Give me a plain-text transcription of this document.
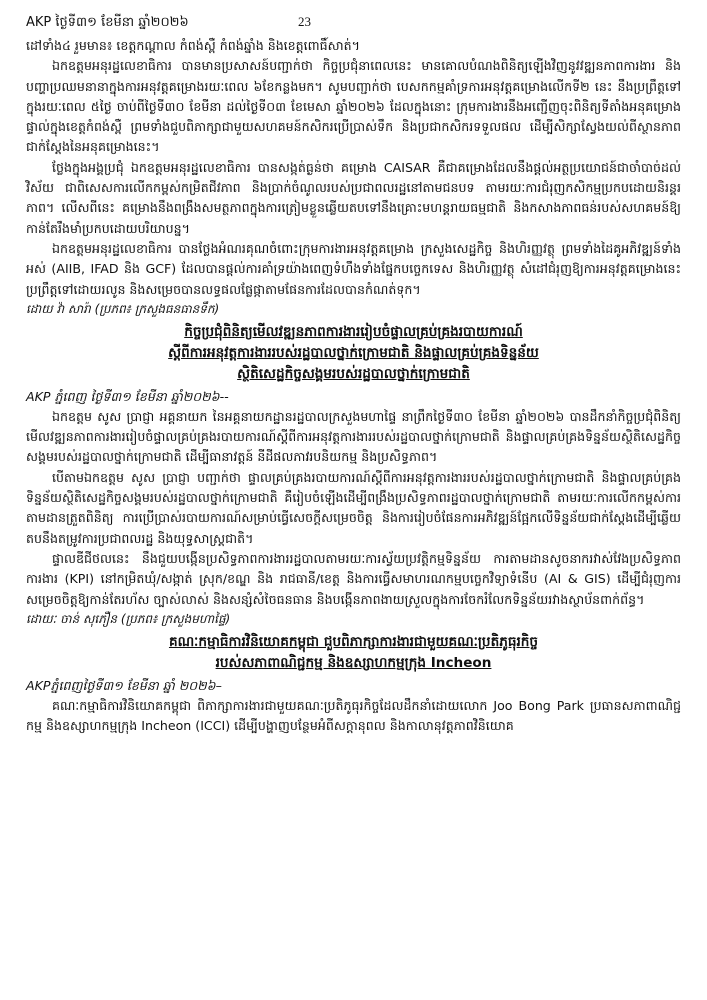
AKP ថ្ងៃទី៣១ ខែមីនា ឆ្នាំ២០២៦	23

ដៅទាំង៤ រួមមាន៖ ខេត្តកណ្តាល កំពង់ស្ពឺ កំពង់ឆ្នាំង និងខេត្តពោធិ៍សាត់។

ឯកឧត្តមអនុរដ្ឋលេខាធិការ បានមានប្រសាសន៍បញ្ជាក់ថា កិច្ចប្រជុំនាពេលនេះ មានគោលបំណងពិនិត្យឡើងវិញនូវវឌ្ឍនភាពការងារ និងបញ្ហាប្រឈមនានាក្នុងការអនុវត្តគម្រោងរយៈពេល ៦ខែកន្លងមក។ សូមបញ្ជាក់ថា បេសកកម្មគាំទ្រការអនុវត្តគម្រោងលើកទី២ នេះ នឹងប្រព្រឹត្តទៅក្នុងរយៈពេល ៥ថ្ងៃ ចាប់ពីថ្ងៃទី៣០ ខែមីនា ដល់ថ្ងៃទី០៣ ខែមេសា ឆ្នាំ២០២៦ ដែលក្នុងនោះ ក្រុមការងារនឹងអញ្ជើញចុះពិនិត្យទីតាំងអនុគម្រោងផ្ទាល់ក្នុងខេត្តកំពង់ស្ពឺ ព្រមទាំងជួបពិភាក្សាជាមួយសហគមន៍កសិករប្រើប្រាស់ទឹក និងប្រជាកសិករទទួលផល ដើម្បីសិក្សាស្វែងយល់ពីស្ថានភាពជាក់ស្តែងនៃអនុគម្រោងនេះ។

ថ្លែងក្នុងអង្គប្រជុំ ឯកឧត្តមអនុរដ្ឋលេខាធិការ បានសង្កត់ធ្ងន់ថា គម្រោង CAISAR គឺជាគម្រោងដែលនឹងផ្តល់អត្ថប្រយោជន៍ជាចាំបាច់ដល់វិស័យ ជាពិសេសការលើកកម្ពស់កម្រិតជីវភាព និងប្រាក់ចំណូលរបស់ប្រជាពលរដ្ឋនៅតាមជនបទ តាមរយៈការជំរុញកសិកម្មប្រកបដោយនិរន្តរភាព។ លើសពីនេះ គម្រោងនឹងពង្រឹងសមត្ថភាពក្នុងការត្រៀមខ្លួនឆ្លើយតបទៅនឹងគ្រោះមហន្តរាយធម្មជាតិ និងកសាងភាពធន់របស់សហគមន៍ឱ្យកាន់តែរឹងមាំប្រកបដោយបរិយាបន្ន។

ឯកឧត្តមអនុរដ្ឋលេខាធិការ បានថ្លែងអំណរគុណចំពោះក្រុមការងារអនុវត្តគម្រោង ក្រសួងសេដ្ឋកិច្ច និងហិរញ្ញវត្ថុ ព្រមទាំងដៃគូអភិវឌ្ឍន៍ទាំងអស់ (AIIB, IFAD និង GCF) ដែលបានផ្តល់ការគាំទ្រយ៉ាងពេញទំហឹងទាំងផ្នែកបច្ចេកទេស និងហិរញ្ញវត្ថុ សំដៅជំរុញឱ្យការអនុវត្តគម្រោងនេះប្រព្រឹត្តទៅដោយរលូន និងសម្រេចបានលទ្ធផលផ្លែផ្កាតាមផែនការដែលបានកំណត់ទុក។

ដោយ វ៉ា សារ៉ា (ប្រភព៖ ក្រសួងធនធានទឹក)

កិច្ចប្រជុំពិនិត្យមើលវឌ្ឍនភាពការងាររៀបចំផ្ទាលគ្រប់គ្រងរបាយការណ៍
ស្តីពីការអនុវត្តការងាររបស់រដ្ឋបាលថ្នាក់ក្រោមជាតិ និងផ្ទាលគ្រប់គ្រងទិន្នន័យ
ស្ថិតិសេដ្ឋកិច្ចសង្គមរបស់រដ្ឋបាលថ្នាក់ក្រោមជាតិ

AKP ភ្នំពេញ ថ្ងៃទី៣១ ខែមីនា ឆ្នាំ២០២៦--

ឯកឧត្តម សូស ប្រាជ្ញា អគ្គនាយក នៃអគ្គនាយកដ្ឋានរដ្ឋបាលក្រសួងមហាផ្ទៃ នាព្រឹកថ្ងៃទី៣០ ខែមីនា ឆ្នាំ២០២៦ បានដឹកនាំកិច្ចប្រជុំពិនិត្យមើលវឌ្ឍនភាពការងាររៀបចំផ្ទាលគ្រប់គ្រងរបាយការណ៍ស្តីពីការអនុវត្តការងាររបស់រដ្ឋបាលថ្នាក់ក្រោមជាតិ និងផ្ទាលគ្រប់គ្រងទិន្នន័យស្ថិតិសេដ្ឋកិច្ចសង្គមរបស់រដ្ឋបាលថ្នាក់ក្រោមជាតិ ដើម្បីធានាវត្តន៍ នីដីផលភាវរបនិយកម្ម និងប្រសិទ្ធភាព។

បើតាមឯកឧត្តម សូស ប្រាជ្ញា បញ្ជាក់ថា ផ្ទាលគ្រប់គ្រងរបាយការណ៍ស្តីពីការអនុវត្តការងាររបស់រដ្ឋបាលថ្នាក់ក្រោមជាតិ និងផ្ទាលគ្រប់គ្រងទិន្នន័យស្ថិតិសេដ្ឋកិច្ចសង្គមរបស់រដ្ឋបាលថ្នាក់ក្រោមជាតិ គឺរៀបចំឡើងដើម្បីពង្រឹងប្រសិទ្ធភាពរដ្ឋបាលថ្នាក់ក្រោមជាតិ តាមរយៈការលើកកម្ពស់ការតាមដានត្រួតពិនិត្យ ការប្រើប្រាស់របាយការណ៍សម្រាប់ធ្វើសេចក្តីសម្រេចចិត្ត និងការរៀបចំផែនការអភិវឌ្ឍន៍ផ្អែកលើទិន្នន័យជាក់ស្តែងដើម្បីឆ្លើយតបនឹងតម្រូវការប្រជាពលរដ្ឋ និងយុទ្ធសាស្ត្រជាតិ។

ផ្ទាលឌីជីថលនេះ នឹងជួយបង្កើនប្រសិទ្ធភាពការងាររដ្ឋបាលតាមរយៈការស្វ័យប្រវត្តិកម្មទិន្នន័យ ការតាមដានសូចនាករវាស់វែងប្រសិទ្ធភាពការងារ (KPI) នៅកម្រិតឃុំ/សង្កាត់ ស្រុក/ខណ្ឌ និង រាជធានី/ខេត្ត និងការធ្វើសមាហរណកម្មបច្ចេកវិទ្យាទំនើប (AI & GIS) ដើម្បីជំរុញការសម្រេចចិត្តឱ្យកាន់តែរហ័ស ច្បាស់លាស់ និងសន្សំសំចៃធនធាន និងបង្កើនភាពងាយស្រួលក្នុងការចែករំលែកទិន្នន័យរវាងស្ថាប័នពាក់ព័ន្ធ។

ដោយៈ ចាន់ សុភឿន (ប្រភព៖ ក្រសួងមហាផ្ទៃ)

គណៈកម្មាធិការវិនិយោគកម្ពុជា ជួបពិភាក្សាការងារជាមួយគណៈប្រតិភូធុរកិច្ច
របស់សភាពាណិជ្ជកម្ម និងឧស្សាហកម្មក្រុង Incheon

AKPភ្នំពេញថ្ងៃទី៣១ ខែមីនា ឆ្នាំ ២០២៦–

គណៈកម្មាធិការវិនិយោគកម្ពុជា ពិភាក្សាការងារជាមួយគណៈប្រតិភូធុរកិច្ចដែលដឹកនាំដោយលោក Joo Bong Park ប្រធានសភាពាណិជ្ជកម្ម និងឧស្សាហកម្មក្រុង Incheon (ICCI) ដើម្បីបង្ហាញបន្ថែមអំពីសក្តានុពល និងកាលានុវត្តភាពវិនិយោគ
